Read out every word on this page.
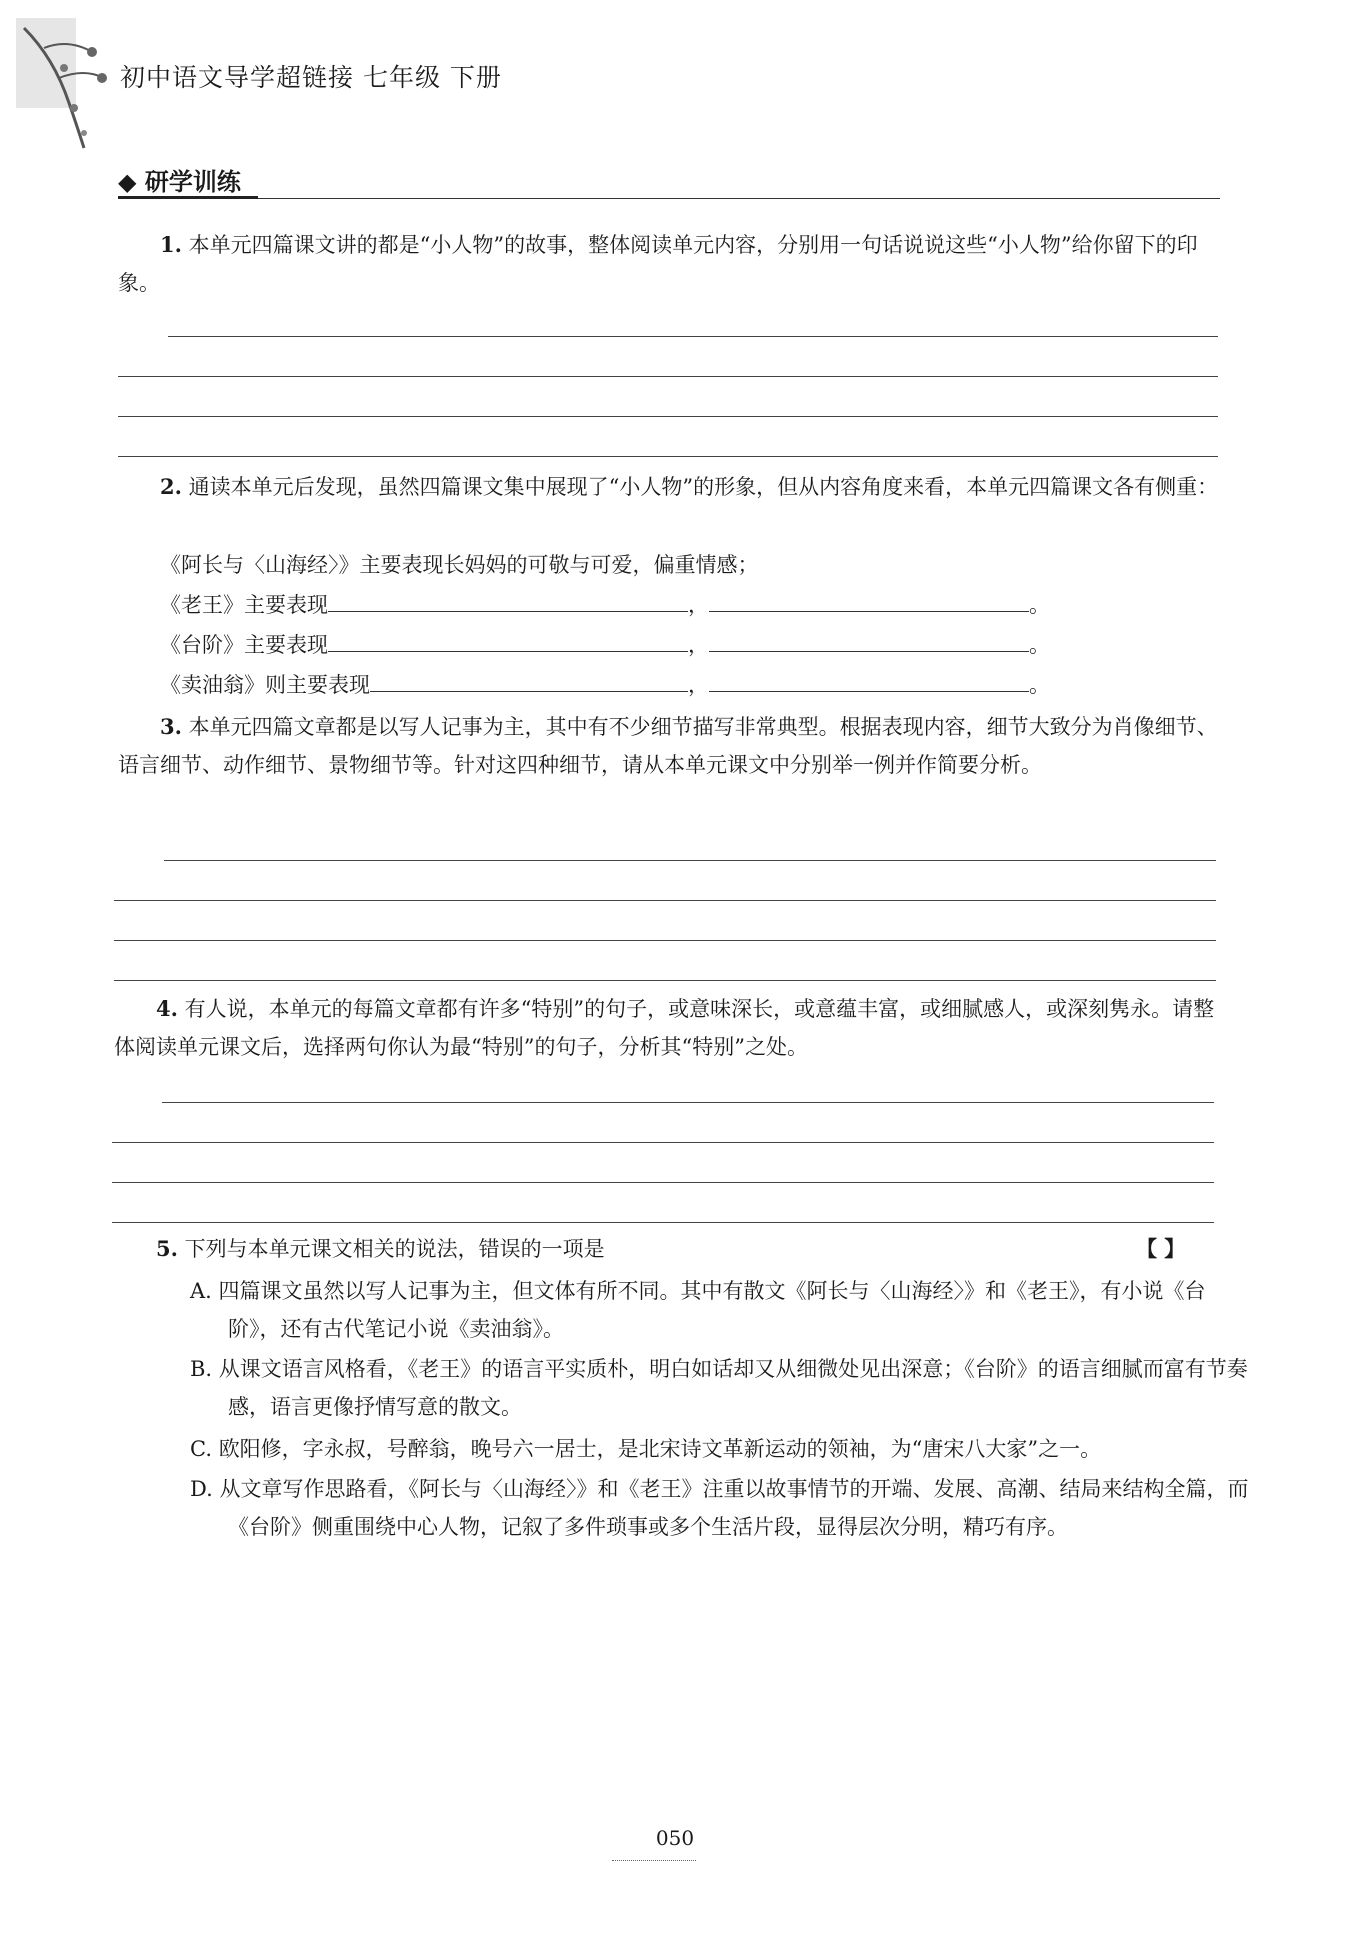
初中语文导学超链接 七年级 下册
◆ 研学训练
1. 本单元四篇课文讲的都是“小人物”的故事，整体阅读单元内容，分别用一句话说说这些“小人物”给你留下的印象。
2. 通读本单元后发现，虽然四篇课文集中展现了“小人物”的形象，但从内容角度来看，本单元四篇课文各有侧重：
《阿长与〈山海经〉》主要表现长妈妈的可敬与可爱，偏重情感；
《老王》主要表现	，	。
《台阶》主要表现	，	。
《卖油翁》则主要表现	，	。
3. 本单元四篇文章都是以写人记事为主，其中有不少细节描写非常典型。根据表现内容，细节大致分为肖像细节、语言细节、动作细节、景物细节等。针对这四种细节，请从本单元课文中分别举一例并作简要分析。
4. 有人说，本单元的每篇文章都有许多“特别”的句子，或意味深长，或意蕴丰富，或细腻感人，或深刻隽永。请整体阅读单元课文后，选择两句你认为最“特别”的句子，分析其“特别”之处。
5. 下列与本单元课文相关的说法，错误的一项是	【 】
A. 四篇课文虽然以写人记事为主，但文体有所不同。其中有散文《阿长与〈山海经〉》和《老王》，有小说《台阶》，还有古代笔记小说《卖油翁》。
B. 从课文语言风格看，《老王》的语言平实质朴，明白如话却又从细微处见出深意；《台阶》的语言细腻而富有节奏感，语言更像抒情写意的散文。
C. 欧阳修，字永叔，号醉翁，晚号六一居士，是北宋诗文革新运动的领袖，为“唐宋八大家”之一。
D. 从文章写作思路看，《阿长与〈山海经〉》和《老王》注重以故事情节的开端、发展、高潮、结局来结构全篇，而《台阶》侧重围绕中心人物，记叙了多件琐事或多个生活片段，显得层次分明，精巧有序。
050
